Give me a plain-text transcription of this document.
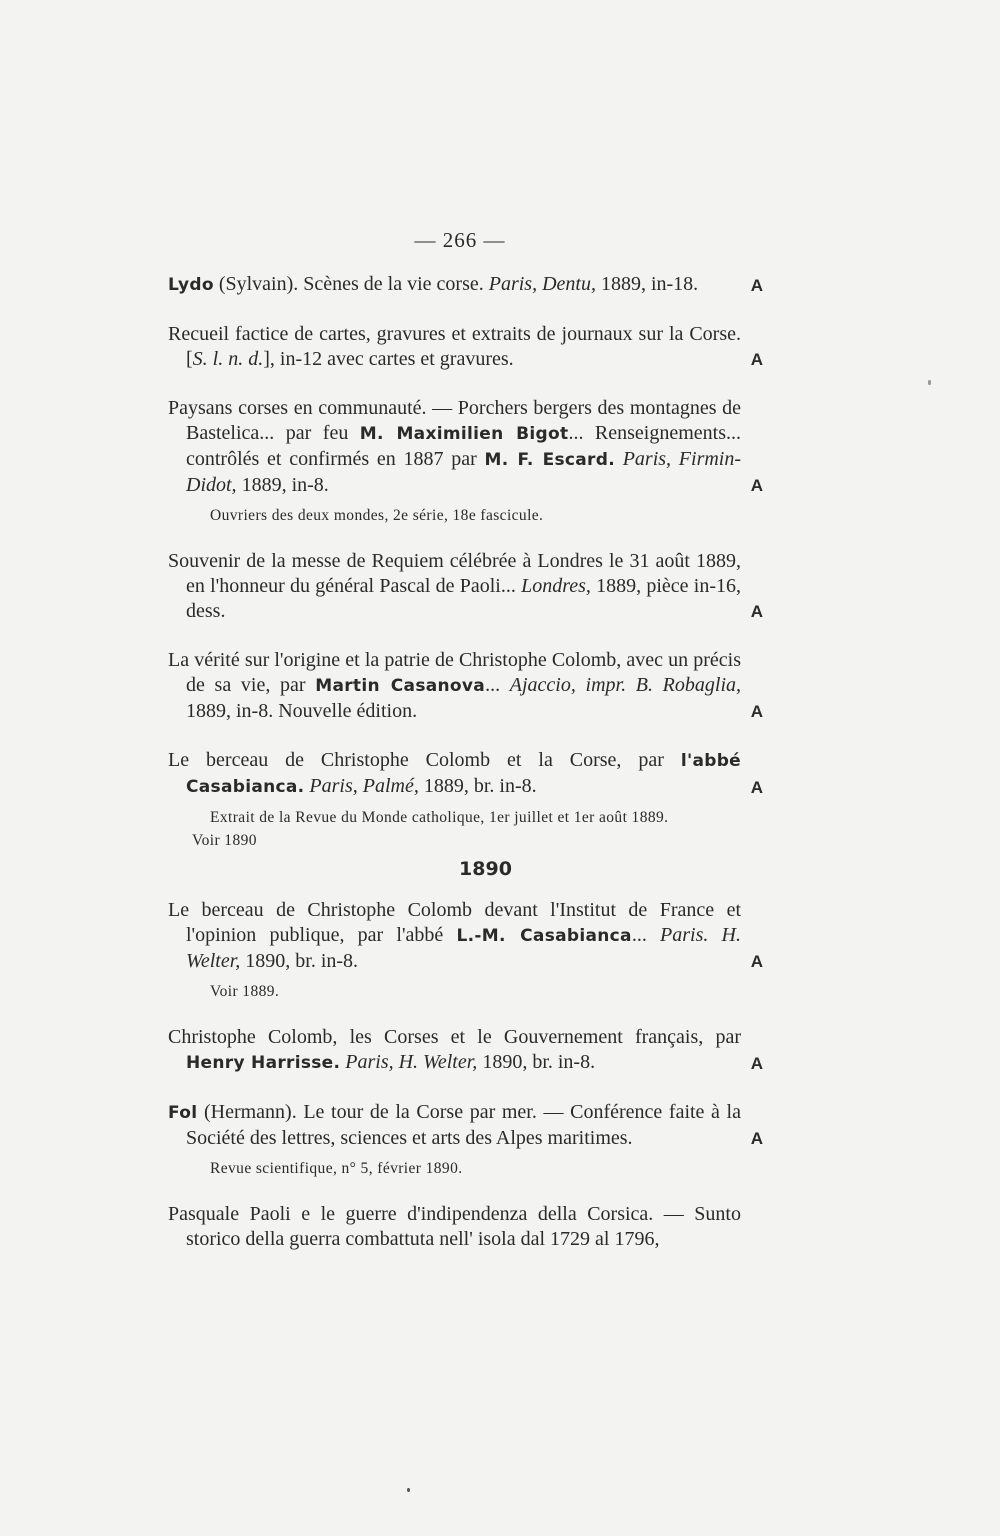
— 266 —

Lydo (Sylvain). Scènes de la vie corse. Paris, Dentu, 1889, in-18.	A

Recueil factice de cartes, gravures et extraits de journaux sur la Corse. [S. l. n. d.], in-12 avec cartes et gravures.	A

Paysans corses en communauté. — Porchers bergers des montagnes de Bastelica... par feu M. Maximilien Bigot... Renseignements... contrôlés et confirmés en 1887 par M. F. Escard. Paris, Firmin-Didot, 1889, in-8.	A

Ouvriers des deux mondes, 2e série, 18e fascicule.

Souvenir de la messe de Requiem célébrée à Londres le 31 août 1889, en l'honneur du général Pascal de Paoli... Londres, 1889, pièce in-16, dess.	A

La vérité sur l'origine et la patrie de Christophe Colomb, avec un précis de sa vie, par Martin Casanova... Ajaccio, impr. B. Robaglia, 1889, in-8. Nouvelle édition.	A

Le berceau de Christophe Colomb et la Corse, par l'abbé Casabianca. Paris, Palmé, 1889, br. in-8.	A

Extrait de la Revue du Monde catholique, 1er juillet et 1er août 1889.
Voir 1890
1890

Le berceau de Christophe Colomb devant l'Institut de France et l'opinion publique, par l'abbé L.-M. Casabianca... Paris. H. Welter, 1890, br. in-8.	A

Voir 1889.

Christophe Colomb, les Corses et le Gouvernement français, par Henry Harrisse. Paris, H. Welter, 1890, br. in-8.	A

Fol (Hermann). Le tour de la Corse par mer. — Conférence faite à la Société des lettres, sciences et arts des Alpes maritimes.	A

Revue scientifique, n° 5, février 1890.

Pasquale Paoli e le guerre d'indipendenza della Corsica. — Sunto storico della guerra combattuta nell' isola dal 1729 al 1796,
